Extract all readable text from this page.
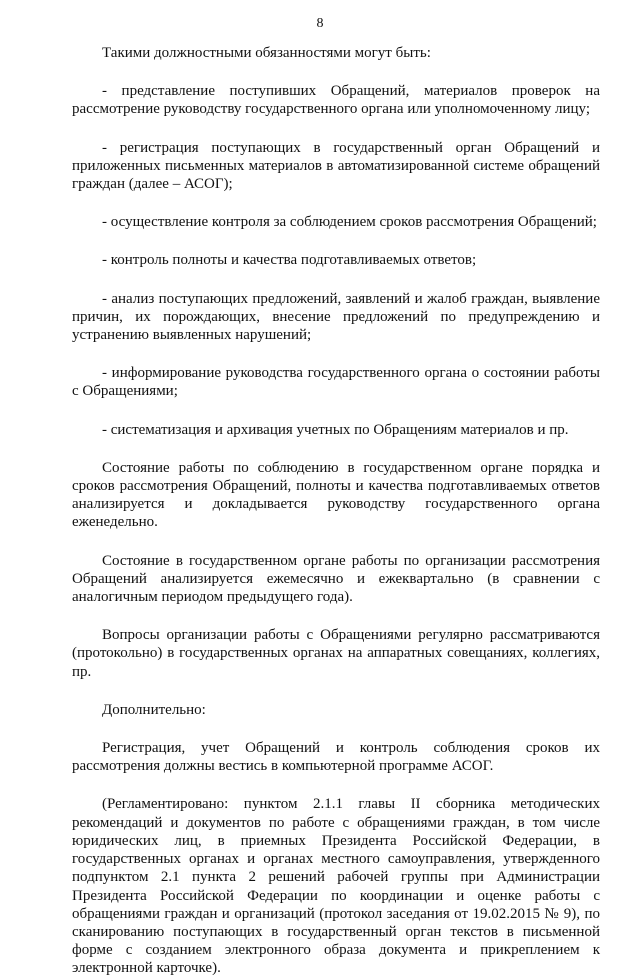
8

Такими должностными обязанностями могут быть:

- представление поступивших Обращений, материалов проверок на рассмотрение руководству государственного органа или уполномоченному лицу;

- регистрация поступающих в государственный орган Обращений и приложенных письменных материалов в автоматизированной системе обращений граждан (далее – АСОГ);

- осуществление контроля за соблюдением сроков рассмотрения Обращений;

- контроль полноты и качества подготавливаемых ответов;

- анализ поступающих предложений, заявлений и жалоб граждан, выявление причин, их порождающих, внесение предложений по предупреждению и устранению выявленных нарушений;

- информирование руководства государственного органа о состоянии работы с Обращениями;

- систематизация и архивация учетных по Обращениям материалов и пр.

Состояние работы по соблюдению в государственном органе порядка и сроков рассмотрения Обращений, полноты и качества подготавливаемых ответов анализируется и докладывается руководству государственного органа еженедельно.

Состояние в государственном органе работы по организации рассмотрения Обращений анализируется ежемесячно и ежеквартально (в сравнении с аналогичным периодом предыдущего года).

Вопросы организации работы с Обращениями регулярно рассматриваются (протокольно) в государственных органах на аппаратных совещаниях, коллегиях, пр.

Дополнительно:

Регистрация, учет Обращений и контроль соблюдения сроков их рассмотрения должны вестись в компьютерной программе АСОГ.

(Регламентировано: пунктом 2.1.1 главы II сборника методических рекомендаций и документов по работе с обращениями граждан, в том числе юридических лиц, в приемных Президента Российской Федерации, в государственных органах и органах местного самоуправления, утвержденного подпунктом 2.1 пункта 2 решений рабочей группы при Администрации Президента Российской Федерации по координации и оценке работы с обращениями граждан и организаций (протокол заседания от 19.02.2015 № 9), по сканированию поступающих в государственный орган текстов в письменной форме с созданием электронного образа документа и прикреплением к электронной карточке).
